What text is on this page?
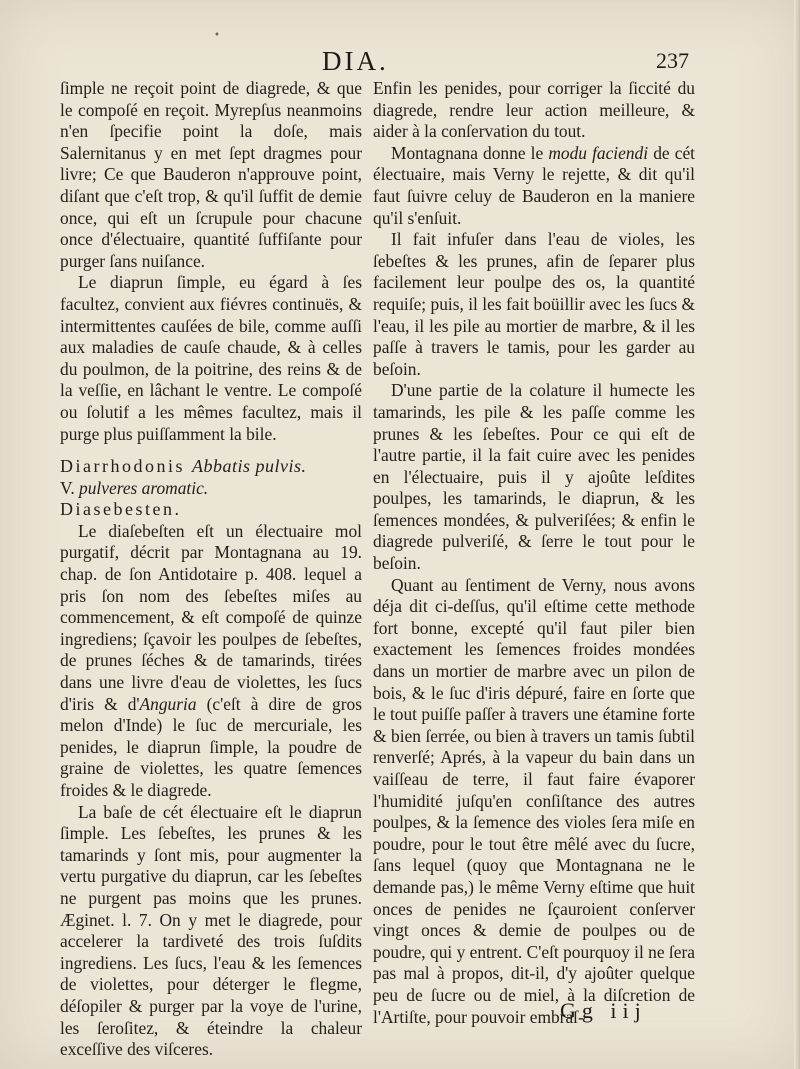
•
DIA.	237

ſimple ne reçoit point de diagrede, & que le compoſé en reçoit. Myrepſus neanmoins n'en ſpecifie point la doſe, mais Salernitanus y en met ſept dragmes pour livre; Ce que Bauderon n'approuve point, diſant que c'eſt trop, & qu'il ſuffit de demie once, qui eſt un ſcrupule pour chacune once d'électuaire, quantité ſuffiſante pour purger ſans nuiſance.

Le diaprun ſimple, eu égard à ſes facultez, convient aux fiévres continuës, & intermittentes cauſées de bile, comme auſſi aux maladies de cauſe chaude, & à celles du poulmon, de la poitrine, des reins & de la veſſie, en lâchant le ventre. Le compoſé ou ſolutif a les mêmes facultez, mais il purge plus puiſſamment la bile.

Diarrhodonis Abbatis pulvis.

V. pulveres aromatic.

Diasebesten.

Le diaſebeſten eſt un électuaire mol purgatif, décrit par Montagnana au 19. chap. de ſon Antidotaire p. 408. lequel a pris ſon nom des ſebeſtes miſes au commencement, & eſt compoſé de quinze ingrediens; ſçavoir les poulpes de ſebeſtes, de prunes ſéches & de tamarinds, tirées dans une livre d'eau de violettes, les ſucs d'iris & d'Anguria (c'eſt à dire de gros melon d'Inde) le ſuc de mercuriale, les penides, le diaprun ſimple, la poudre de graine de violettes, les quatre ſemences froides & le diagrede.

La baſe de cét électuaire eſt le diaprun ſimple. Les ſebeſtes, les prunes & les tamarinds y ſont mis, pour augmenter la vertu purgative du diaprun, car les ſebeſtes ne purgent pas moins que les prunes. Æginet. l. 7. On y met le diagrede, pour accelerer la tardiveté des trois ſuſdits ingrediens. Les ſucs, l'eau & les ſemences de violettes, pour déterger le flegme, déſopiler & purger par la voye de l'urine, les ſeroſitez, & éteindre la chaleur exceſſive des viſceres.

Enfin les penides, pour corriger la ſiccité du diagrede, rendre leur action meilleure, & aider à la conſervation du tout.

Montagnana donne le modu faciendi de cét électuaire, mais Verny le rejette, & dit qu'il faut ſuivre celuy de Bauderon en la maniere qu'il s'enſuit.

Il fait infuſer dans l'eau de violes, les ſebeſtes & les prunes, afin de ſeparer plus facilement leur poulpe des os, la quantité requiſe; puis, il les fait boüillir avec les ſucs & l'eau, il les pile au mortier de marbre, & il les paſſe à travers le tamis, pour les garder au beſoin.

D'une partie de la colature il humecte les tamarinds, les pile & les paſſe comme les prunes & les ſebeſtes. Pour ce qui eſt de l'autre partie, il la fait cuire avec les penides en l'électuaire, puis il y ajoûte leſdites poulpes, les tamarinds, le diaprun, & les ſemences mondées, & pulveriſées; & enfin le diagrede pulveriſé, & ſerre le tout pour le beſoin.

Quant au ſentiment de Verny, nous avons déja dit ci-deſſus, qu'il eſtime cette methode fort bonne, excepté qu'il faut piler bien exactement les ſemences froides mondées dans un mortier de marbre avec un pilon de bois, & le ſuc d'iris dépuré, faire en ſorte que le tout puiſſe paſſer à travers une étamine forte & bien ſerrée, ou bien à travers un tamis ſubtil renverſé; Aprés, à la vapeur du bain dans un vaiſſeau de terre, il faut faire évaporer l'humidité juſqu'en conſiſtance des autres poulpes, & la ſemence des violes ſera miſe en poudre, pour le tout être mêlé avec du ſucre, ſans lequel (quoy que Montagnana ne le demande pas,) le même Verny eſtime que huit onces de penides ne ſçauroient conſerver vingt onces & demie de poulpes ou de poudre, qui y entrent. C'eſt pourquoy il ne ſera pas mal à propos, dit-il, d'y ajoûter quelque peu de ſucre ou de miel, à la diſcretion de l'Artiſte, pour pouvoir embraſ-

Gg iij
